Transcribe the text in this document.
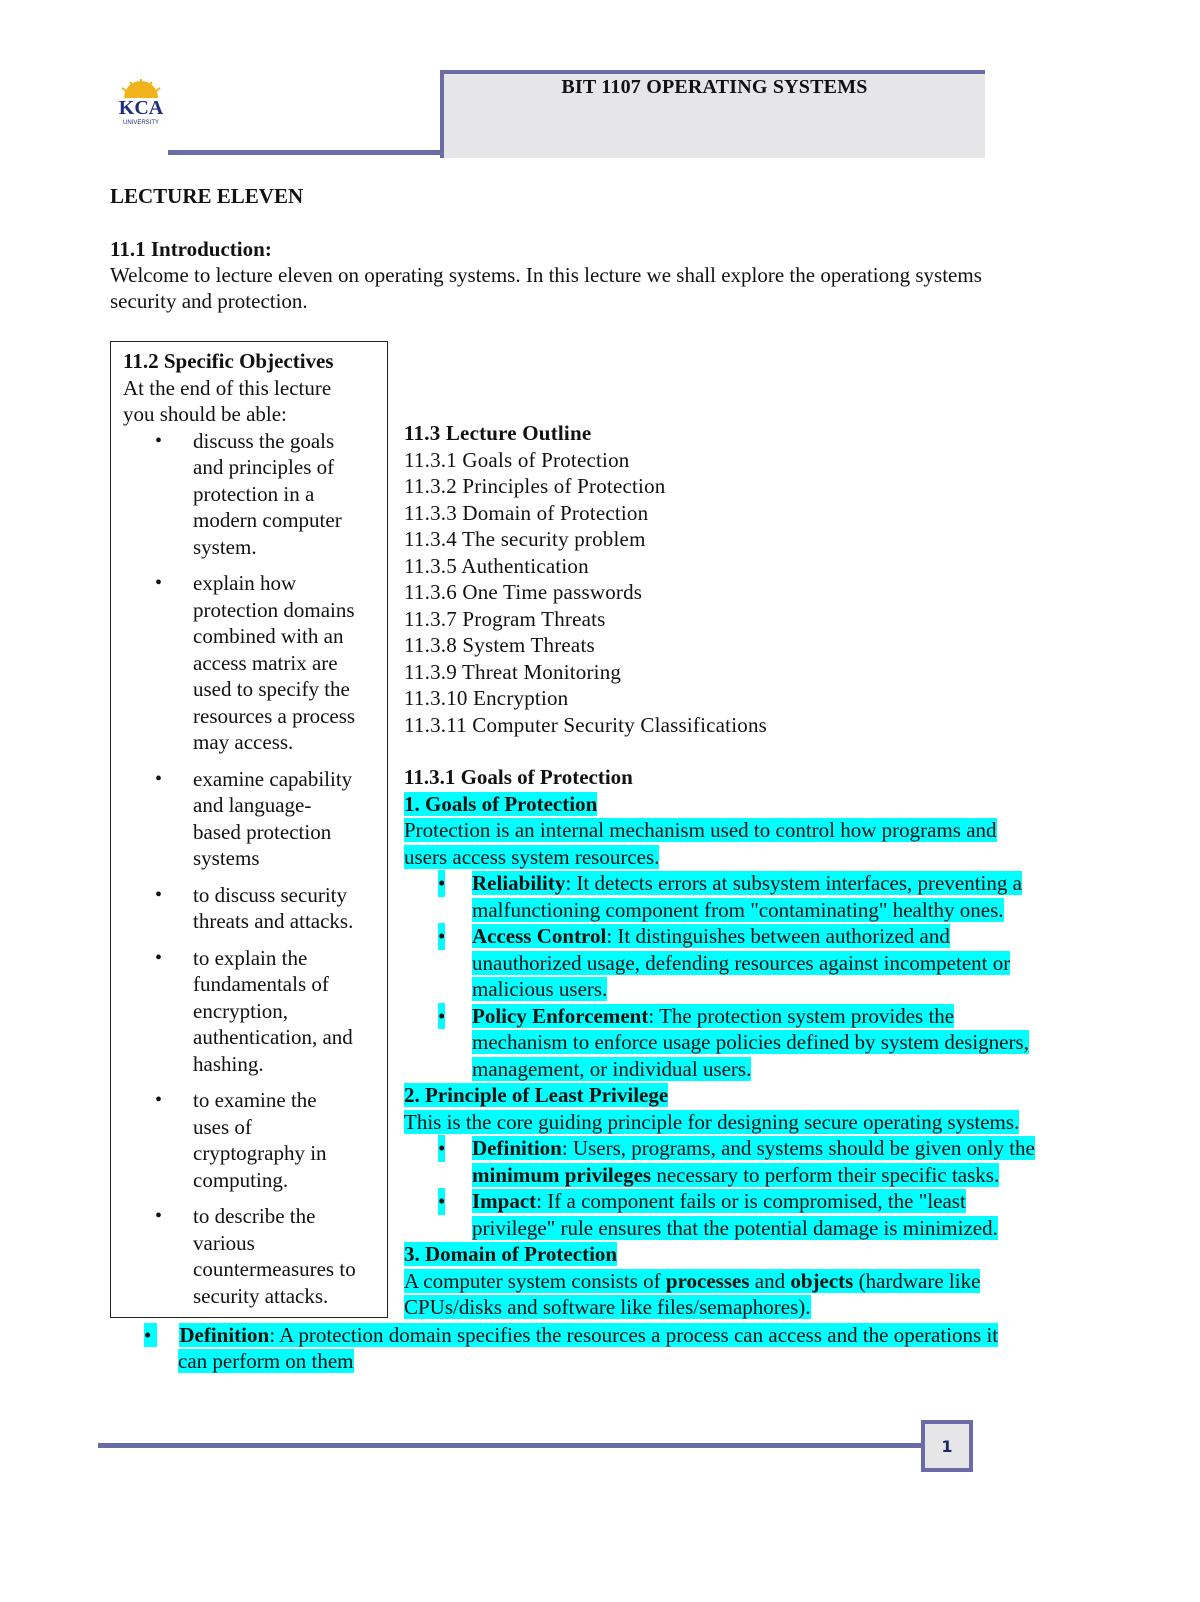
KCA
UNIVERSITY
BIT 1107 OPERATING SYSTEMS
LECTURE ELEVEN
11.1 Introduction:
Welcome to lecture eleven on operating systems. In this lecture we shall explore the operationg systems
security and protection.
11.2 Specific Objectives
At the end of this lecture
you should be able:
• discuss the goals
and principles of
protection in a
modern computer
system.
• explain how
protection domains
combined with an
access matrix are
used to specify the
resources a process
may access.
• examine capability
and language-
based protection
systems
• to discuss security
threats and attacks.
• to explain the
fundamentals of
encryption,
authentication, and
hashing.
• to examine the
uses of
cryptography in
computing.
• to describe the
various
countermeasures to
security attacks.
11.3 Lecture Outline
11.3.1 Goals of Protection
11.3.2 Principles of Protection
11.3.3 Domain of Protection
11.3.4 The security problem
11.3.5 Authentication
11.3.6 One Time passwords
11.3.7 Program Threats
11.3.8 System Threats
11.3.9 Threat Monitoring
11.3.10 Encryption
11.3.11 Computer Security Classifications
11.3.1 Goals of Protection
1. Goals of Protection
Protection is an internal mechanism used to control how programs and
users access system resources.
• Reliability: It detects errors at subsystem interfaces, preventing a
malfunctioning component from "contaminating" healthy ones.
• Access Control: It distinguishes between authorized and
unauthorized usage, defending resources against incompetent or
malicious users.
• Policy Enforcement: The protection system provides the
mechanism to enforce usage policies defined by system designers,
management, or individual users.
2. Principle of Least Privilege
This is the core guiding principle for designing secure operating systems.
• Definition: Users, programs, and systems should be given only the
minimum privileges necessary to perform their specific tasks.
• Impact: If a component fails or is compromised, the "least
privilege" rule ensures that the potential damage is minimized.
3. Domain of Protection
A computer system consists of processes and objects (hardware like
CPUs/disks and software like files/semaphores).
• Definition: A protection domain specifies the resources a process can access and the operations it
can perform on them
1
